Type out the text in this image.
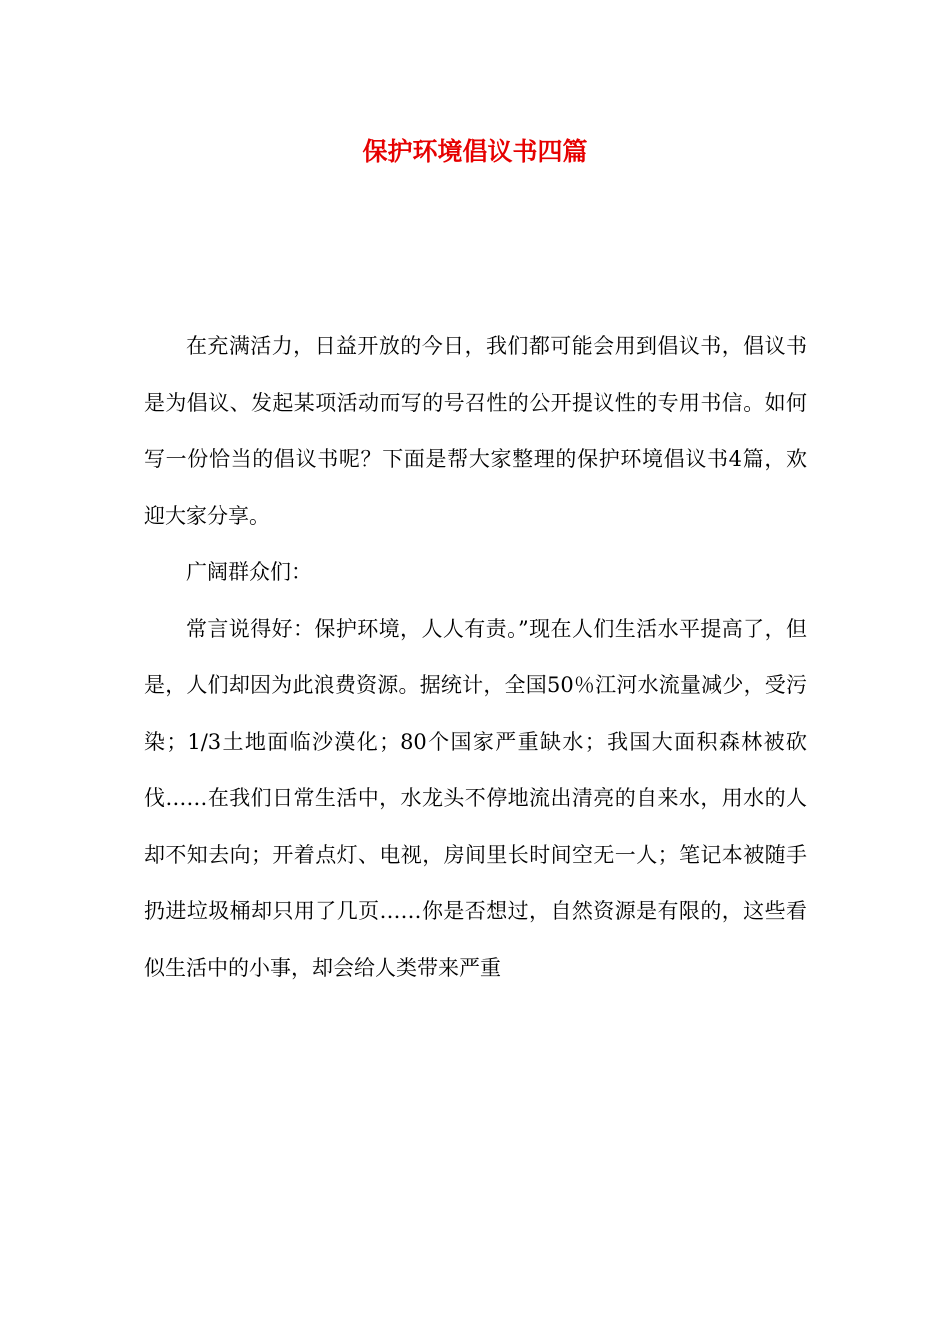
保护环境倡议书四篇

在充满活力，日益开放的今日，我们都可能会用到倡议书，倡议书是为倡议、发起某项活动而写的号召性的公开提议性的专用书信。如何写一份恰当的倡议书呢？下面是帮大家整理的保护环境倡议书4篇，欢迎大家分享。

广阔群众们：

常言说得好：保护环境，人人有责。”现在人们生活水平提高了，但是，人们却因为此浪费资源。据统计，全国50％江河水流量减少，受污染；1/3土地面临沙漠化；80个国家严重缺水；我国大面积森林被砍伐……在我们日常生活中，水龙头不停地流出清亮的自来水，用水的人却不知去向；开着点灯、电视，房间里长时间空无一人；笔记本被随手扔进垃圾桶却只用了几页……你是否想过，自然资源是有限的，这些看似生活中的小事，却会给人类带来严重
